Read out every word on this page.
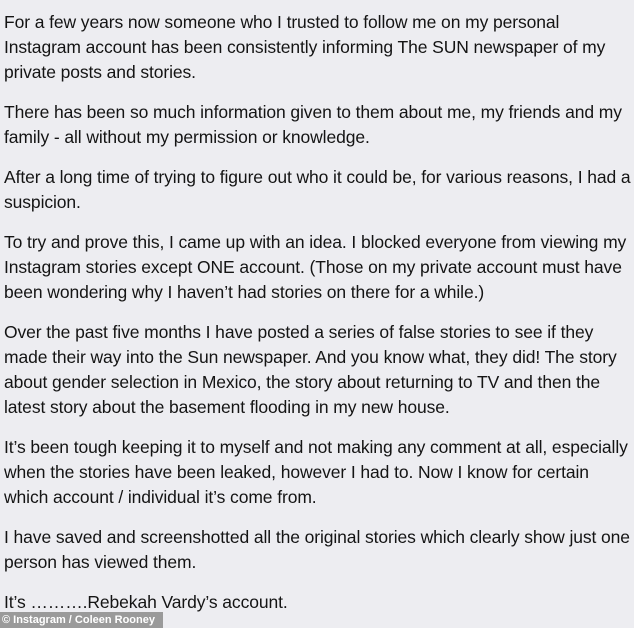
For a few years now someone who I trusted to follow me on my personal Instagram account has been consistently informing The SUN newspaper of my private posts and stories.

There has been so much information given to them about me, my friends and my family - all without my permission or knowledge.

After a long time of trying to figure out who it could be, for various reasons, I had a suspicion.

To try and prove this, I came up with an idea. I blocked everyone from viewing my Instagram stories except ONE account. (Those on my private account must have been wondering why I haven’t had stories on there for a while.)

Over the past five months I have posted a series of false stories to see if they made their way into the Sun newspaper. And you know what, they did! The story about gender selection in Mexico, the story about returning to TV and then the latest story about the basement flooding in my new house.

It’s been tough keeping it to myself and not making any comment at all, especially when the stories have been leaked, however I had to. Now I know for certain which account / individual it’s come from.

I have saved and screenshotted all the original stories which clearly show just one person has viewed them.

It’s ……….Rebekah Vardy’s account.

© Instagram / Coleen Rooney
